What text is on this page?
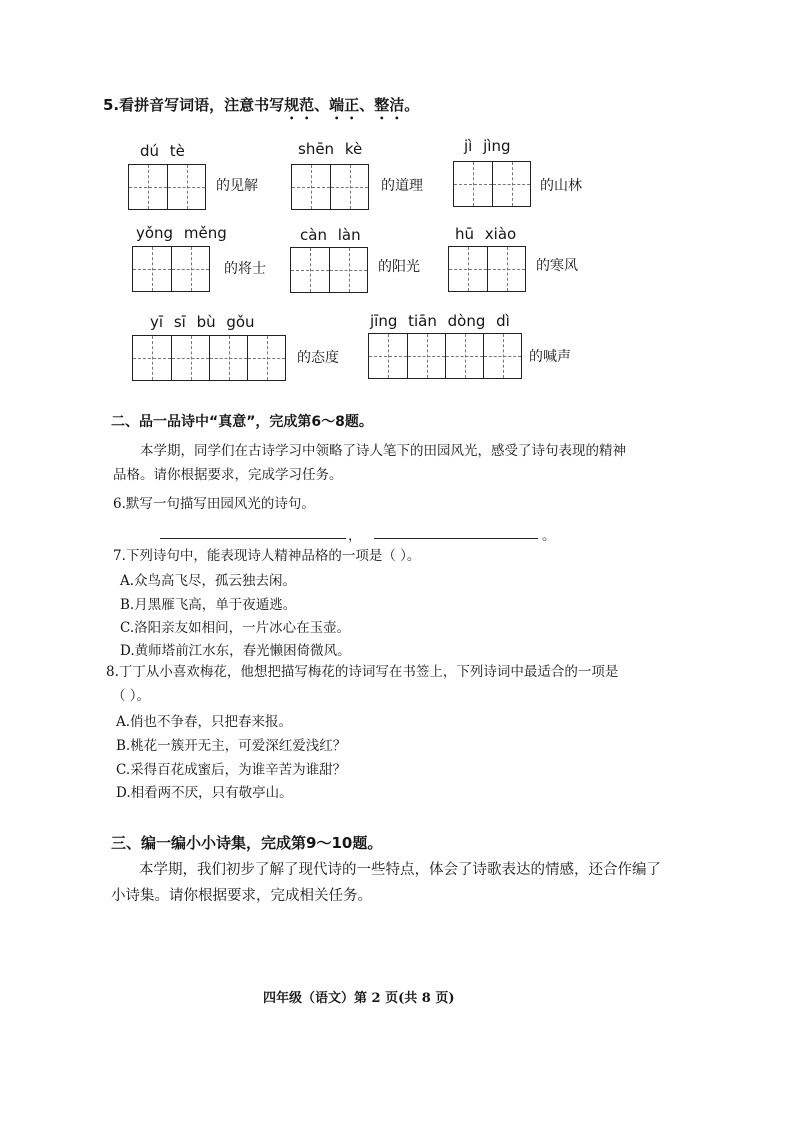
5.看拼音写词语，注意书写规范、端正、整洁。
dú tè
的见解
shēn kè
的道理
jì jìng
的山林
yǒng měng
的将士
càn làn
的阳光
hū xiào
的寒风
yī sī bù gǒu
的态度
jīng tiān dòng dì
的喊声
二、品一品诗中“真意”，完成第6～8题。
本学期，同学们在古诗学习中领略了诗人笔下的田园风光，感受了诗句表现的精神
品格。请你根据要求，完成学习任务。
6.默写一句描写田园风光的诗句。
，	。
7.下列诗句中，能表现诗人精神品格的一项是（ ）。
A.众鸟高飞尽，孤云独去闲。
B.月黑雁飞高，单于夜遁逃。
C.洛阳亲友如相问，一片冰心在玉壶。
D.黄师塔前江水东，春光懒困倚微风。
8.丁丁从小喜欢梅花，他想把描写梅花的诗词写在书签上，下列诗词中最适合的一项是
（ ）。
A.俏也不争春，只把春来报。
B.桃花一簇开无主，可爱深红爱浅红？
C.采得百花成蜜后，为谁辛苦为谁甜？
D.相看两不厌，只有敬亭山。
三、编一编小小诗集，完成第9～10题。
本学期，我们初步了解了现代诗的一些特点，体会了诗歌表达的情感，还合作编了
小诗集。请你根据要求，完成相关任务。
四年级（语文）第 2 页(共 8 页)
